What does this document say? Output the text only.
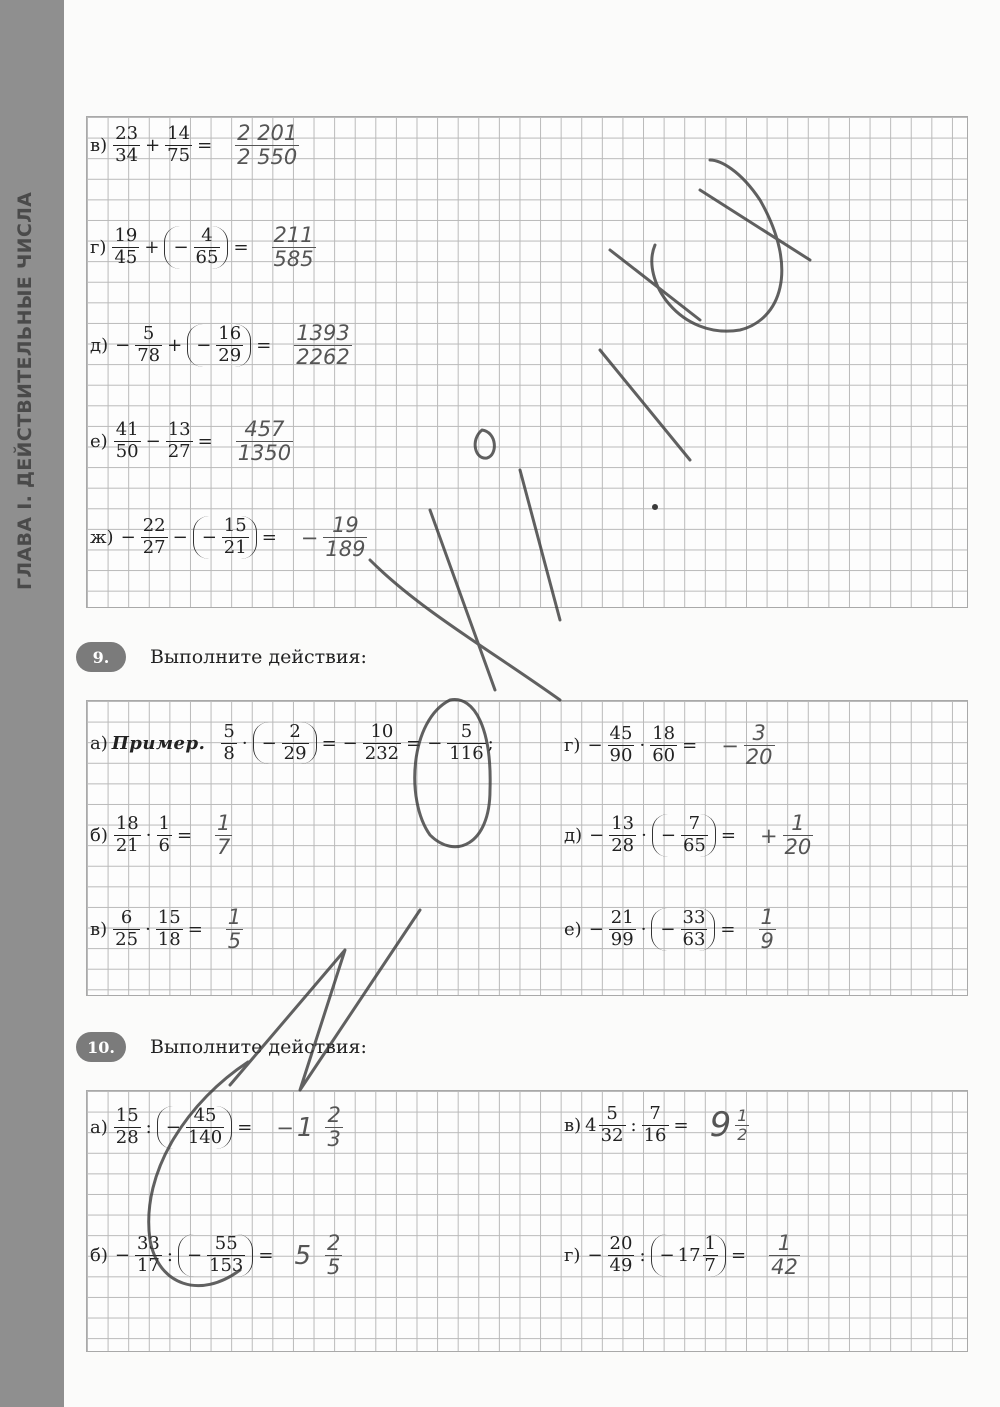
ГЛАВА I. ДЕЙСТВИТЕЛЬНЫЕ ЧИСЛА
$в) \frac{23}{34} + \frac{14}{75} = \frac{2 201}{2 550}$
$г) \frac{19}{45}$ + − $\frac{4}{65} = \frac{211}{585}$
$д) - \frac{5}{78}$ + − $\frac{16}{29} = \frac{1393}{2262}$
$е) \frac{41}{50} - \frac{13}{27} = \frac{457}{1350}$
$ж) - \frac{22}{27}$ − − $\frac{15}{21}$ = − $\frac{19}{189}$
9.	Выполните действия:
а) Пример. $\frac{5}{8}$ · − $\frac{2}{29}$ = − $\frac{10}{232}$ = − $\frac{5}{116}$ ;
$б) \frac{18}{21} \cdot \frac{1}{6} = \frac{1}{7}$
$в) \frac{6}{25} \cdot \frac{15}{18} = \frac{1}{5}$
$г) - \frac{45}{90} \cdot \frac{18}{60}$ = − $\frac{3}{20}$
$д) - \frac{13}{28}$ · − $\frac{7}{65}$ = + $\frac{1}{20}$
$е) - \frac{21}{99}$ · − $\frac{33}{63} = \frac{1}{9}$
10.	Выполните действия:
$а) \frac{15}{28}$ : − $\frac{45}{140}$ = − $1 \frac{2}{3}$
$б) - \frac{33}{17}$ : − $\frac{55}{153} = 5 \frac{2}{5}$
в) $4 \frac{5}{32}$ : $\frac{7}{16} = 9 \frac{1}{2}$
$г) - \frac{20}{49}$ : − $17 \frac{1}{7} = \frac{1}{42}$
